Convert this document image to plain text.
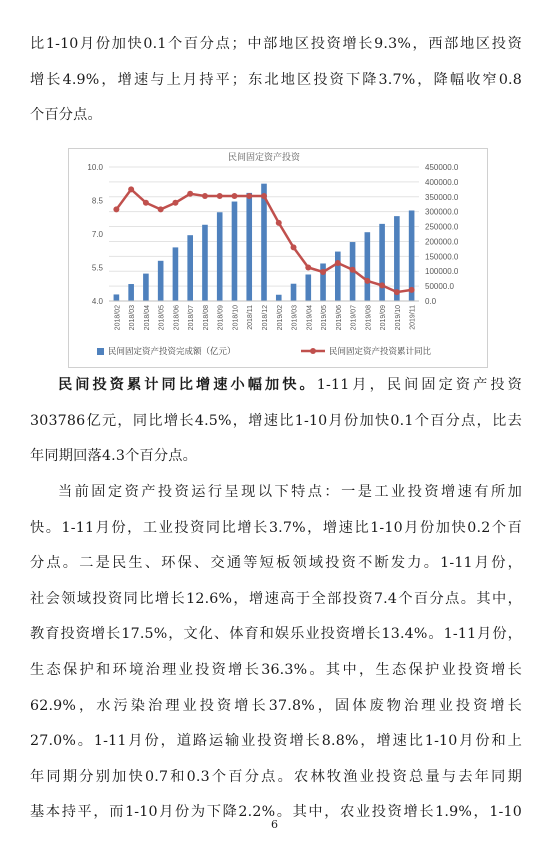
比1-10月份加快0.1个百分点；中部地区投资增长9.3%，西部地区投资
增长4.9%，增速与上月持平；东北地区投资下降3.7%，降幅收窄0.8
个百分点。
0.0
50000.0
100000.0
150000.0
200000.0
250000.0
300000.0
350000.0
400000.0
450000.0
4.0
5.5
7.0
8.5
10.0
民间固定资产投资
2018/02 2018/03 2018/04 2018/05 2018/06 2018/07 2018/08 2018/09 2018/10 2018/11 2018/12 2019/02 2019/03 2019/04 2019/05 2019/06 2019/07 2019/08 2019/09 2019/10 2019/11
民间固定资产投资完成额（亿元）	民间固定资产投资累计同比
民间投资累计同比增速小幅加快。1-11月，民间固定资产投资
303786亿元，同比增长4.5%，增速比1-10月份加快0.1个百分点，比去
年同期回落4.3个百分点。
当前固定资产投资运行呈现以下特点：一是工业投资增速有所加
快。1-11月份，工业投资同比增长3.7%，增速比1-10月份加快0.2个百
分点。二是民生、环保、交通等短板领域投资不断发力。1-11月份，
社会领域投资同比增长12.6%，增速高于全部投资7.4个百分点。其中，
教育投资增长17.5%，文化、体育和娱乐业投资增长13.4%。1-11月份，
生态保护和环境治理业投资增长36.3%。其中，生态保护业投资增长
62.9%，水污染治理业投资增长37.8%，固体废物治理业投资增长
27.0%。1-11月份，道路运输业投资增长8.8%，增速比1-10月份和上
年同期分别加快0.7和0.3个百分点。农林牧渔业投资总量与去年同期
基本持平，而1-10月份为下降2.2%。其中，农业投资增长1.9%，1-10
6
